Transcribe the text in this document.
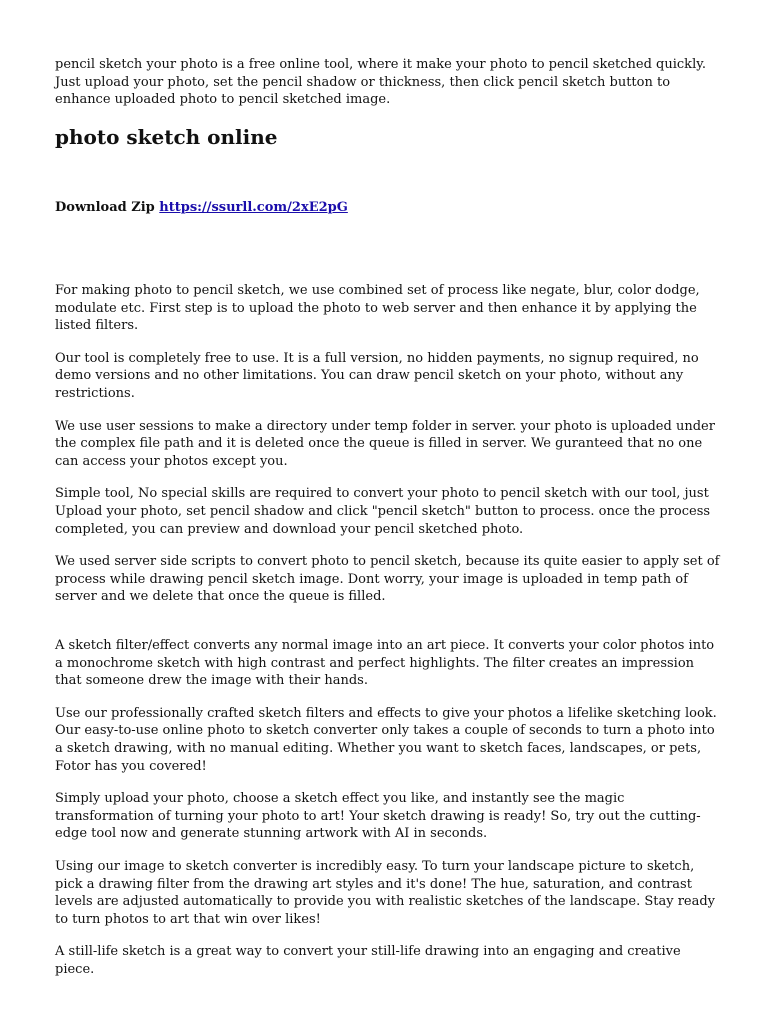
pencil sketch your photo is a free online tool, where it make your photo to pencil sketched quickly. Just upload your photo, set the pencil shadow or thickness, then click pencil sketch button to enhance uploaded photo to pencil sketched image.

photo sketch online
Download Zip https://ssurll.com/2xE2pG

For making photo to pencil sketch, we use combined set of process like negate, blur, color dodge, modulate etc. First step is to upload the photo to web server and then enhance it by applying the listed filters.

Our tool is completely free to use. It is a full version, no hidden payments, no signup required, no demo versions and no other limitations. You can draw pencil sketch on your photo, without any restrictions.

We use user sessions to make a directory under temp folder in server. your photo is uploaded under the complex file path and it is deleted once the queue is filled in server. We guranteed that no one can access your photos except you.

Simple tool, No special skills are required to convert your photo to pencil sketch with our tool, just Upload your photo, set pencil shadow and click "pencil sketch" button to process. once the process completed, you can preview and download your pencil sketched photo.

We used server side scripts to convert photo to pencil sketch, because its quite easier to apply set of process while drawing pencil sketch image. Dont worry, your image is uploaded in temp path of server and we delete that once the queue is filled.

A sketch filter/effect converts any normal image into an art piece. It converts your color photos into a monochrome sketch with high contrast and perfect highlights. The filter creates an impression that someone drew the image with their hands.

Use our professionally crafted sketch filters and effects to give your photos a lifelike sketching look. Our easy-to-use online photo to sketch converter only takes a couple of seconds to turn a photo into a sketch drawing, with no manual editing. Whether you want to sketch faces, landscapes, or pets, Fotor has you covered!

Simply upload your photo, choose a sketch effect you like, and instantly see the magic transformation of turning your photo to art! Your sketch drawing is ready! So, try out the cutting-edge tool now and generate stunning artwork with AI in seconds.

Using our image to sketch converter is incredibly easy. To turn your landscape picture to sketch, pick a drawing filter from the drawing art styles and it's done! The hue, saturation, and contrast levels are adjusted automatically to provide you with realistic sketches of the landscape. Stay ready to turn photos to art that win over likes!

A still-life sketch is a great way to convert your still-life drawing into an engaging and creative piece.
